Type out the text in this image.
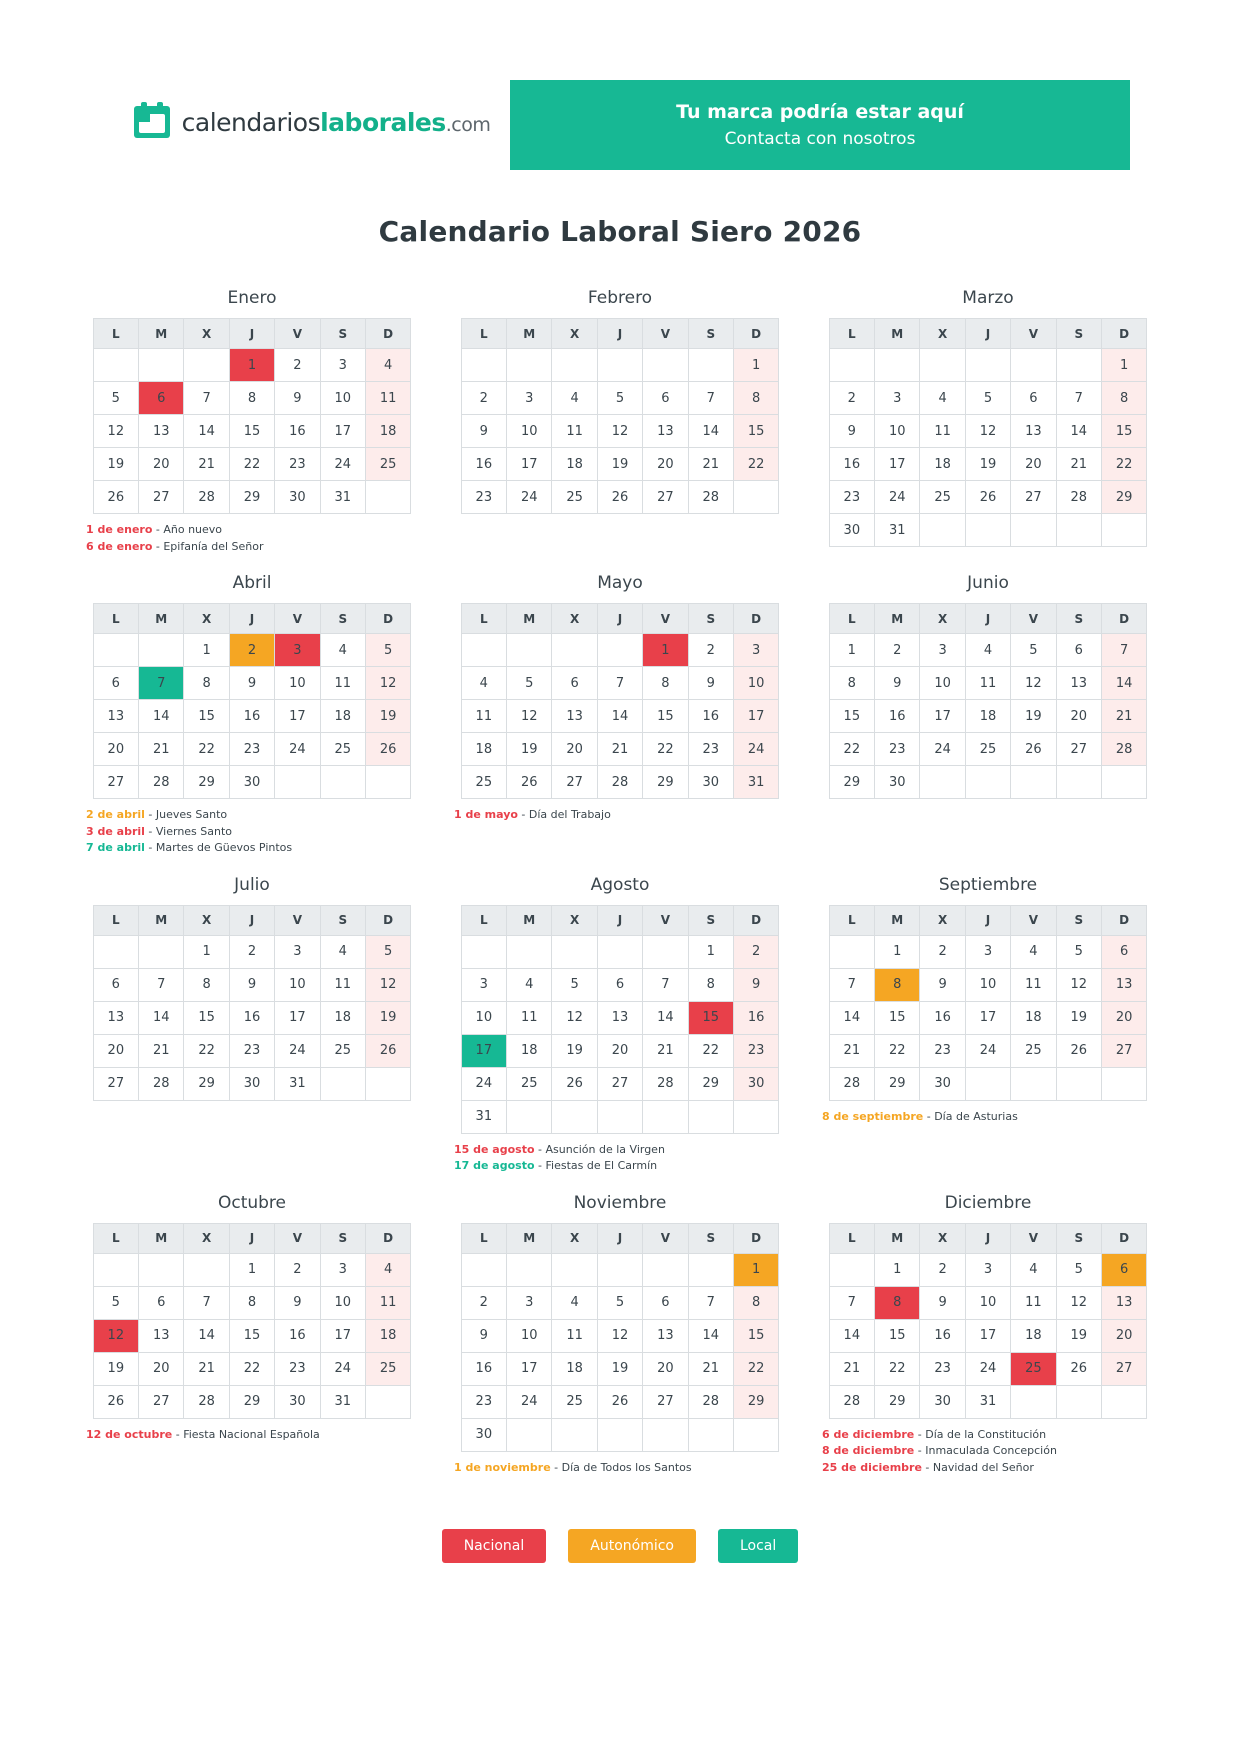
calendarioslaborales.com
Tu marca podría estar aquí
Contacta con nosotros
Calendario Laboral Siero 2026
Enero
L	M	X	J	V	S	D
			1	2	3	4
5	6	7	8	9	10	11
12	13	14	15	16	17	18
19	20	21	22	23	24	25
26	27	28	29	30	31	
1 de enero - Año nuevo
6 de enero - Epifanía del Señor
Febrero
L	M	X	J	V	S	D
						1
2	3	4	5	6	7	8
9	10	11	12	13	14	15
16	17	18	19	20	21	22
23	24	25	26	27	28	
Marzo
L	M	X	J	V	S	D
						1
2	3	4	5	6	7	8
9	10	11	12	13	14	15
16	17	18	19	20	21	22
23	24	25	26	27	28	29
30	31					
Abril
L	M	X	J	V	S	D
		1	2	3	4	5
6	7	8	9	10	11	12
13	14	15	16	17	18	19
20	21	22	23	24	25	26
27	28	29	30			
2 de abril - Jueves Santo
3 de abril - Viernes Santo
7 de abril - Martes de Güevos Pintos
Mayo
L	M	X	J	V	S	D
				1	2	3
4	5	6	7	8	9	10
11	12	13	14	15	16	17
18	19	20	21	22	23	24
25	26	27	28	29	30	31
1 de mayo - Día del Trabajo
Junio
L	M	X	J	V	S	D
1	2	3	4	5	6	7
8	9	10	11	12	13	14
15	16	17	18	19	20	21
22	23	24	25	26	27	28
29	30					
Julio
L	M	X	J	V	S	D
		1	2	3	4	5
6	7	8	9	10	11	12
13	14	15	16	17	18	19
20	21	22	23	24	25	26
27	28	29	30	31		
Agosto
L	M	X	J	V	S	D
					1	2
3	4	5	6	7	8	9
10	11	12	13	14	15	16
17	18	19	20	21	22	23
24	25	26	27	28	29	30
31						
15 de agosto - Asunción de la Virgen
17 de agosto - Fiestas de El Carmín
Septiembre
L	M	X	J	V	S	D
	1	2	3	4	5	6
7	8	9	10	11	12	13
14	15	16	17	18	19	20
21	22	23	24	25	26	27
28	29	30				
8 de septiembre - Día de Asturias
Octubre
L	M	X	J	V	S	D
			1	2	3	4
5	6	7	8	9	10	11
12	13	14	15	16	17	18
19	20	21	22	23	24	25
26	27	28	29	30	31	
12 de octubre - Fiesta Nacional Española
Noviembre
L	M	X	J	V	S	D
						1
2	3	4	5	6	7	8
9	10	11	12	13	14	15
16	17	18	19	20	21	22
23	24	25	26	27	28	29
30						
1 de noviembre - Día de Todos los Santos
Diciembre
L	M	X	J	V	S	D
	1	2	3	4	5	6
7	8	9	10	11	12	13
14	15	16	17	18	19	20
21	22	23	24	25	26	27
28	29	30	31			
6 de diciembre - Día de la Constitución
8 de diciembre - Inmaculada Concepción
25 de diciembre - Navidad del Señor
Nacional	Autonómico	Local
